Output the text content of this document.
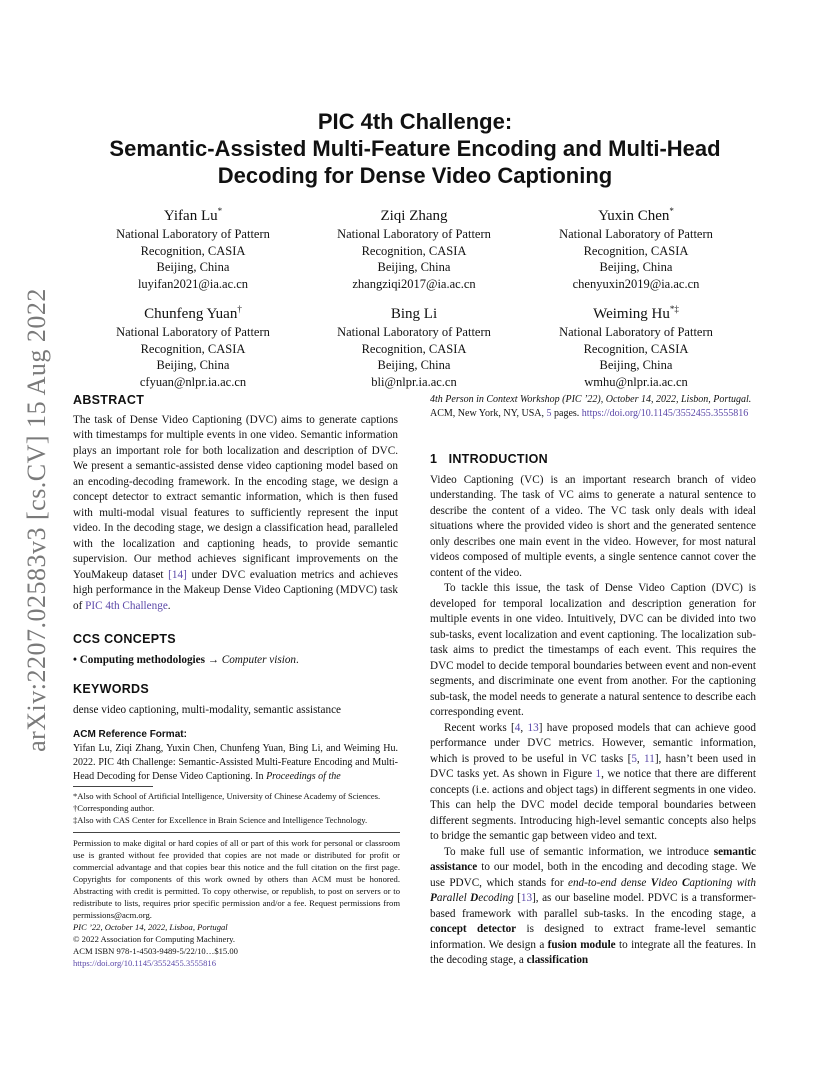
arXiv:2207.02583v3 [cs.CV] 15 Aug 2022
PIC 4th Challenge:
Semantic-Assisted Multi-Feature Encoding and Multi-Head
Decoding for Dense Video Captioning
Yifan Lu*
National Laboratory of Pattern
Recognition, CASIA
Beijing, China
luyifan2021@ia.ac.cn
Ziqi Zhang
National Laboratory of Pattern
Recognition, CASIA
Beijing, China
zhangziqi2017@ia.ac.cn
Yuxin Chen*
National Laboratory of Pattern
Recognition, CASIA
Beijing, China
chenyuxin2019@ia.ac.cn
Chunfeng Yuan†
National Laboratory of Pattern
Recognition, CASIA
Beijing, China
cfyuan@nlpr.ia.ac.cn
Bing Li
National Laboratory of Pattern
Recognition, CASIA
Beijing, China
bli@nlpr.ia.ac.cn
Weiming Hu*‡
National Laboratory of Pattern
Recognition, CASIA
Beijing, China
wmhu@nlpr.ia.ac.cn
ABSTRACT

The task of Dense Video Captioning (DVC) aims to generate captions with timestamps for multiple events in one video. Semantic information plays an important role for both localization and description of DVC. We present a semantic-assisted dense video captioning model based on an encoding-decoding framework. In the encoding stage, we design a concept detector to extract semantic information, which is then fused with multi-modal visual features to sufficiently represent the input video. In the decoding stage, we design a classification head, paralleled with the localization and captioning heads, to provide semantic supervision. Our method achieves significant improvements on the YouMakeup dataset [14] under DVC evaluation metrics and achieves high performance in the Makeup Dense Video Captioning (MDVC) task of PIC 4th Challenge.

CCS CONCEPTS

• Computing methodologies → Computer vision.

KEYWORDS

dense video captioning, multi-modality, semantic assistance

ACM Reference Format:
Yifan Lu, Ziqi Zhang, Yuxin Chen, Chunfeng Yuan, Bing Li, and Weiming Hu. 2022. PIC 4th Challenge: Semantic-Assisted Multi-Feature Encoding and Multi-Head Decoding for Dense Video Captioning. In Proceedings of the

*Also with School of Artificial Intelligence, University of Chinese Academy of Sciences.
†Corresponding author.
‡Also with CAS Center for Excellence in Brain Science and Intelligence Technology.

Permission to make digital or hard copies of all or part of this work for personal or classroom use is granted without fee provided that copies are not made or distributed for profit or commercial advantage and that copies bear this notice and the full citation on the first page. Copyrights for components of this work owned by others than ACM must be honored. Abstracting with credit is permitted. To copy otherwise, or republish, to post on servers or to redistribute to lists, requires prior specific permission and/or a fee. Request permissions from permissions@acm.org.

PIC ’22, October 14, 2022, Lisboa, Portugal

© 2022 Association for Computing Machinery.

ACM ISBN 978-1-4503-9489-5/22/10…$15.00

https://doi.org/10.1145/3552455.3555816

4th Person in Context Workshop (PIC ’22), October 14, 2022, Lisbon, Portugal.
ACM, New York, NY, USA, 5 pages. https://doi.org/10.1145/3552455.3555816
1   INTRODUCTION

Video Captioning (VC) is an important research branch of video understanding. The task of VC aims to generate a natural sentence to describe the content of a video. The VC task only deals with ideal situations where the provided video is short and the generated sentence only describes one main event in the video. However, for most natural videos composed of multiple events, a single sentence cannot cover the content of the video.

To tackle this issue, the task of Dense Video Caption (DVC) is developed for temporal localization and description generation for multiple events in one video. Intuitively, DVC can be divided into two sub-tasks, event localization and event captioning. The localization sub-task aims to predict the timestamps of each event. This requires the DVC model to decide temporal boundaries between event and non-event segments, and discriminate one event from another. For the captioning sub-task, the model needs to generate a natural sentence to describe each corresponding event.

Recent works [4, 13] have proposed models that can achieve good performance under DVC metrics. However, semantic information, which is proved to be useful in VC tasks [5, 11], hasn’t been used in DVC tasks yet. As shown in Figure 1, we notice that there are different concepts (i.e. actions and object tags) in different segments in one video. This can help the DVC model decide temporal boundaries between different segments. Introducing high-level semantic concepts also helps to bridge the semantic gap between video and text.

To make full use of semantic information, we introduce semantic assistance to our model, both in the encoding and decoding stage. We use PDVC, which stands for end-to-end dense Video Captioning with Parallel Decoding [13], as our baseline model. PDVC is a transformer-based framework with parallel sub-tasks. In the encoding stage, a concept detector is designed to extract frame-level semantic information. We design a fusion module to integrate all the features. In the decoding stage, a classification
